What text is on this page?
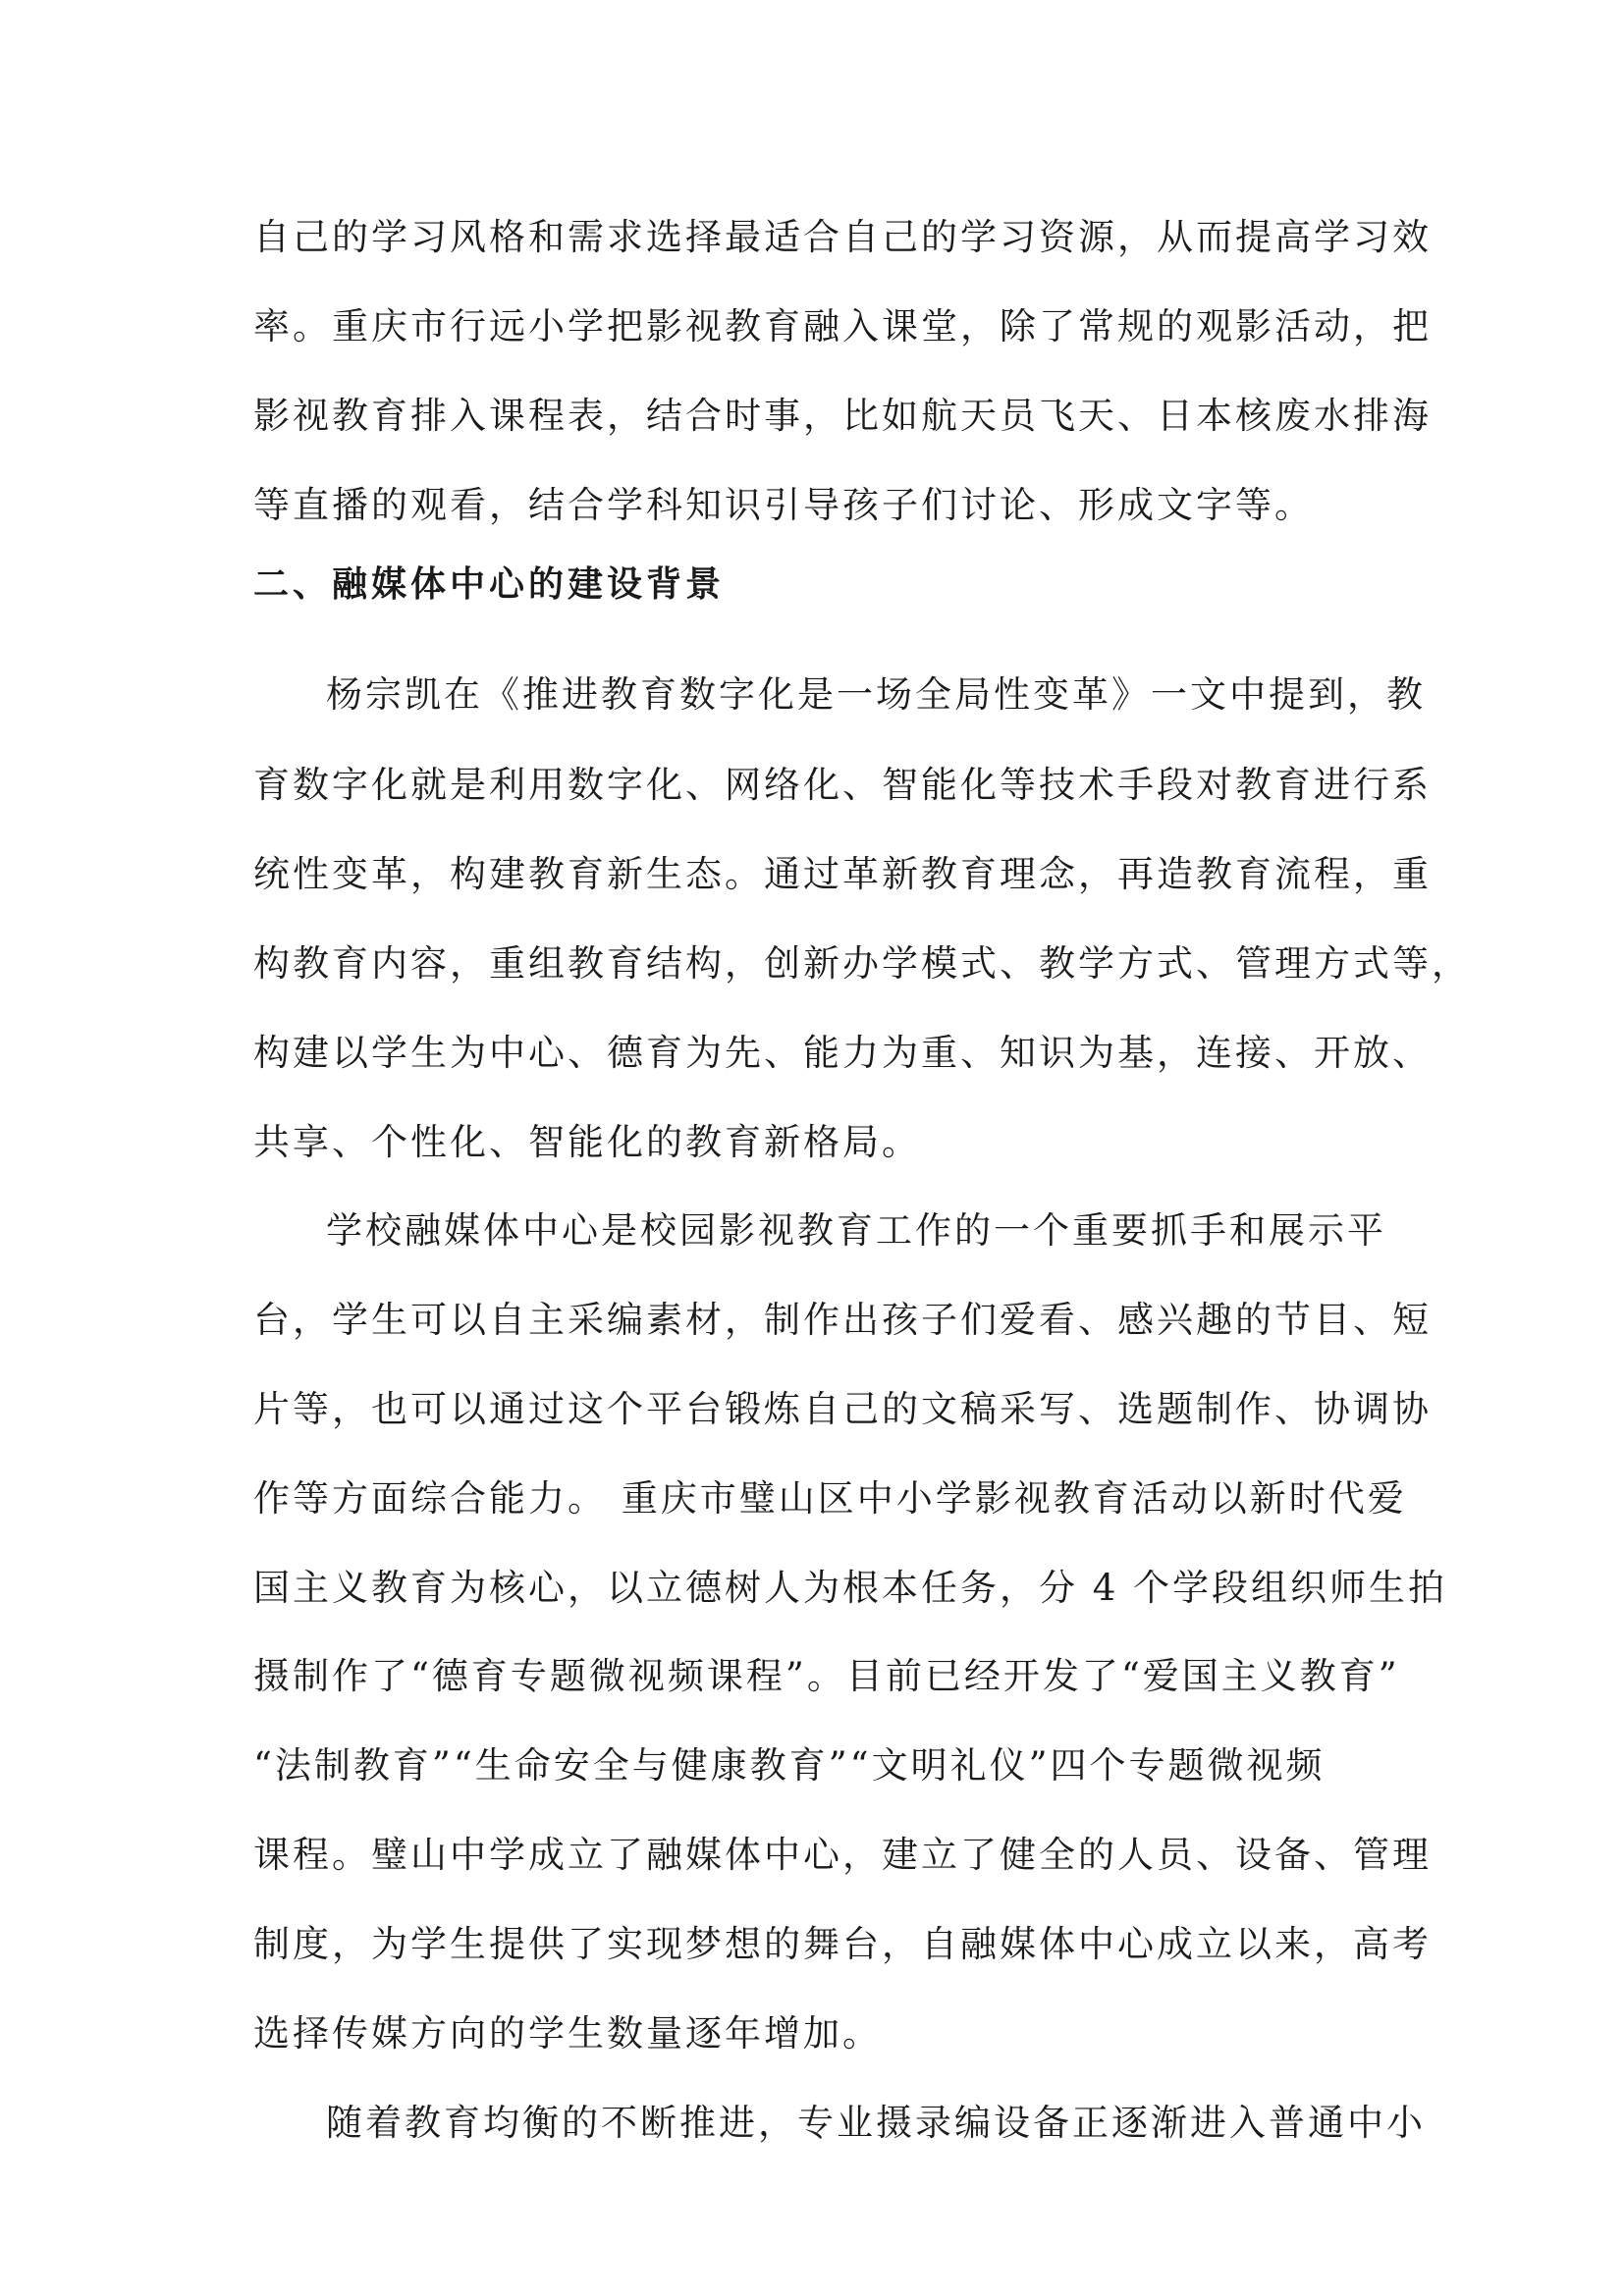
自己的学习风格和需求选择最适合自己的学习资源，从而提高学习效

率。重庆市行远小学把影视教育融入课堂，除了常规的观影活动，把

影视教育排入课程表，结合时事，比如航天员飞天、日本核废水排海

等直播的观看，结合学科知识引导孩子们讨论、形成文字等。

二、融媒体中心的建设背景

杨宗凯在《推进教育数字化是一场全局性变革》一文中提到，教

育数字化就是利用数字化、网络化、智能化等技术手段对教育进行系

统性变革，构建教育新生态。通过革新教育理念，再造教育流程，重

构教育内容，重组教育结构，创新办学模式、教学方式、管理方式等，

构建以学生为中心、德育为先、能力为重、知识为基，连接、开放、

共享、个性化、智能化的教育新格局。

学校融媒体中心是校园影视教育工作的一个重要抓手和展示平

台，学生可以自主采编素材，制作出孩子们爱看、感兴趣的节目、短

片等，也可以通过这个平台锻炼自己的文稿采写、选题制作、协调协

作等方面综合能力。 重庆市璧山区中小学影视教育活动以新时代爱

国主义教育为核心，以立德树人为根本任务，分 4 个学段组织师生拍

摄制作了“德育专题微视频课程”。目前已经开发了“爱国主义教育”

“法制教育”“生命安全与健康教育”“文明礼仪”四个专题微视频

课程。璧山中学成立了融媒体中心，建立了健全的人员、设备、管理

制度，为学生提供了实现梦想的舞台，自融媒体中心成立以来，高考

选择传媒方向的学生数量逐年增加。

随着教育均衡的不断推进，专业摄录编设备正逐渐进入普通中小
